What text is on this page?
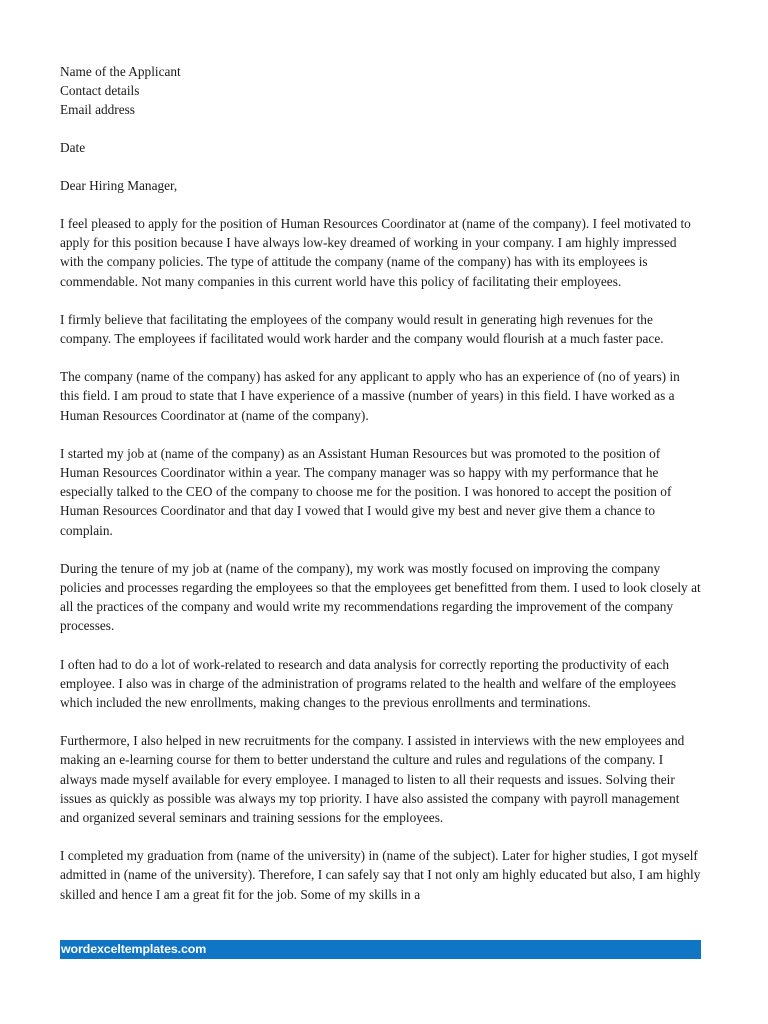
Name of the Applicant
Contact details
Email address
Date
Dear Hiring Manager,

I feel pleased to apply for the position of Human Resources Coordinator at (name of the company). I feel motivated to apply for this position because I have always low-key dreamed of working in your company. I am highly impressed with the company policies. The type of attitude the company (name of the company) has with its employees is commendable. Not many companies in this current world have this policy of facilitating their employees.

I firmly believe that facilitating the employees of the company would result in generating high revenues for the company. The employees if facilitated would work harder and the company would flourish at a much faster pace.

The company (name of the company) has asked for any applicant to apply who has an experience of (no of years) in this field. I am proud to state that I have experience of a massive (number of years) in this field. I have worked as a Human Resources Coordinator at (name of the company).

I started my job at (name of the company) as an Assistant Human Resources but was promoted to the position of Human Resources Coordinator within a year. The company manager was so happy with my performance that he especially talked to the CEO of the company to choose me for the position. I was honored to accept the position of Human Resources Coordinator and that day I vowed that I would give my best and never give them a chance to complain.

During the tenure of my job at (name of the company), my work was mostly focused on improving the company policies and processes regarding the employees so that the employees get benefitted from them. I used to look closely at all the practices of the company and would write my recommendations regarding the improvement of the company processes.

I often had to do a lot of work-related to research and data analysis for correctly reporting the productivity of each employee. I also was in charge of the administration of programs related to the health and welfare of the employees which included the new enrollments, making changes to the previous enrollments and terminations.

Furthermore, I also helped in new recruitments for the company. I assisted in interviews with the new employees and making an e-learning course for them to better understand the culture and rules and regulations of the company. I always made myself available for every employee. I managed to listen to all their requests and issues. Solving their issues as quickly as possible was always my top priority. I have also assisted the company with payroll management and organized several seminars and training sessions for the employees.

I completed my graduation from (name of the university) in (name of the subject). Later for higher studies, I got myself admitted in (name of the university). Therefore, I can safely say that I not only am highly educated but also, I am highly skilled and hence I am a great fit for the job. Some of my skills in a

wordexceltemplates.com
